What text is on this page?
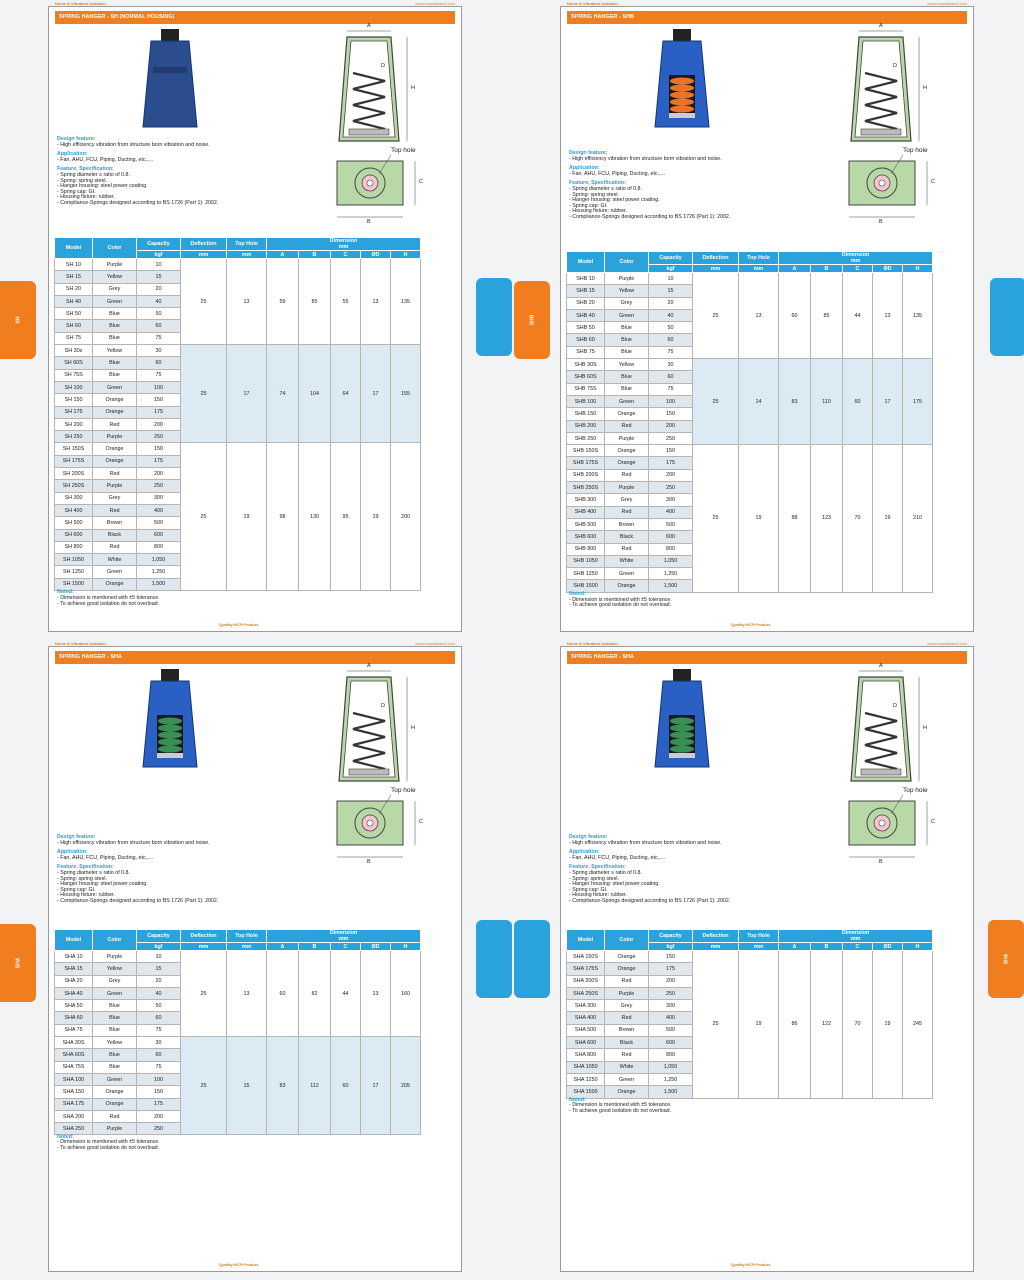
Noise & Vibration Isolation	www.hvaclabtech.com
SPRING HANGER - SH (NORMAL HOUSING)
A
H
D
Top hole
B
C
Design feature:
- High efficiency vibration from structure born vibration and noise.
Application:
- Fan, AHU, FCU, Piping, Ducting, etc.,...
Feature, Specification:
- Spring diameter ≥ ratio of 0.8.
- Spring: spring steel.
- Hanger housing: steel power coating.
- Spring cap: GI.
- Housing fixture: rubber.
- Compliance-Springs designed according to BS 1726 (Part 1): 2002.
Model	Color	Capacity	Deflection	Top Hole	Dimension
mm				

		kgf	mm	mm	A	B	C	ØD	H
SH 10	Purple	10	25	13	59	85	55	13	135
SH 15	Yellow	15							
SH 20	Grey	20							
SH 40	Green	40							
SH 50	Blue	50							
SH 60	Blue	60							
SH 75	Blue	75							
SH 30s	Yellow	30	25	17	74	104	64	17	155
SH 60S	Blue	60							
SH 75S	Blue	75							
SH 100	Green	100							
SH 150	Orange	150							
SH 175	Orange	175							
SH 200	Red	200							
SH 250	Purple	250							
SH 150S	Orange	150	25	19	98	130	95	19	200
SH 175S	Orange	175							
SH 200S	Red	200							
SH 250S	Purple	250							
SH 300	Grey	300							
SH 400	Red	400							
SH 500	Brown	500							
SH 600	Black	600							
SH 800	Red	800							
SH 1050	White	1,050							
SH 1250	Green	1,250							
SH 1500	Orange	1,500							
Noted:
- Dimension is mentioned with ±5 tolerance.
- To achieve good isolation do not overload.
Quality HCP Product
Noise & Vibration Isolation	www.hvaclabtech.com
SPRING HANGER - SHB
A
H
D
Top hole
B
C
Design feature:
- High efficiency vibration from structure born vibration and noise.
Application:
- Fan, AHU, FCU, Piping, Ducting, etc.,...
Feature, Specification:
- Spring diameter ≥ ratio of 0.8.
- Spring: spring steel.
- Hanger housing: steel power coating.
- Spring cap: GI.
- Housing fixture: rubber.
- Compliance-Springs designed according to BS 1726 (Part 1): 2002.
Model	Color	Capacity	Deflection	Top Hole	Dimension
mm				

		kgf	mm	mm	A	B	C	ØD	H
SHB 10	Purple	10	25	13	60	85	44	13	135
SHB 15	Yellow	15							
SHB 20	Grey	20							
SHB 40	Green	40							
SHB 50	Blue	50							
SHB 60	Blue	60							
SHB 75	Blue	75							
SHB 30S	Yellow	30	25	14	83	110	60	17	175
SHB 60S	Blue	60							
SHB 75S	Blue	75							
SHB 100	Green	100							
SHB 150	Orange	150							
SHB 200	Red	200							
SHB 250	Purple	250							
SHB 150S	Orange	150	25	19	88	123	70	19	210
SHB 175S	Orange	175							
SHB 200S	Red	200							
SHB 250S	Purple	250							
SHB 300	Grey	300							
SHB 400	Red	400							
SHB 500	Brown	500							
SHB 600	Black	600							
SHB 800	Red	800							
SHB 1050	White	1,050							
SHB 1250	Green	1,250							
SHB 1500	Orange	1,500							
Noted:
- Dimension is mentioned with ±5 tolerance.
- To achieve good isolation do not overload.
Quality HCP Product
Noise & Vibration Isolation	www.hvaclabtech.com
SPRING HANGER - SHA
A
H
D
Top hole
B
C
Design feature:
- High efficiency vibration from structure born vibration and noise.
Application:
- Fan, AHU, FCU, Piping, Ducting, etc.,...
Feature, Specification:
- Spring diameter ≥ ratio of 0.8.
- Spring: spring steel.
- Hanger housing: steel power coating.
- Spring cap: GI.
- Housing fixture: rubber.
- Compliance-Springs designed according to BS 1726 (Part 1): 2002.
Model	Color	Capacity	Deflection	Top Hole	Dimension
mm				

		kgf	mm	mm	A	B	C	ØD	H
SHA 10	Purple	10	25	13	60	82	44	13	160
SHA 15	Yellow	15							
SHA 20	Grey	20							
SHA 40	Green	40							
SHA 50	Blue	50							
SHA 60	Blue	60							
SHA 75	Blue	75							
SHA 30S	Yellow	30	25	15	83	112	60	17	205
SHA 60S	Blue	60							
SHA 75S	Blue	75							
SHA 100	Green	100							
SHA 150	Orange	150							
SHA 175	Orange	175							
SHA 200	Red	200							
SHA 250	Purple	250							
Noted:
- Dimension is mentioned with ±5 tolerance.
- To achieve good isolation do not overload.
Quality HCP Product
Noise & Vibration Isolation	www.hvaclabtech.com
SPRING HANGER - SHA
A
H
D
Top hole
B
C
Design feature:
- High efficiency vibration from structure born vibration and noise.
Application:
- Fan, AHU, FCU, Piping, Ducting, etc.,...
Feature, Specification:
- Spring diameter ≥ ratio of 0.8.
- Spring: spring steel.
- Hanger housing: steel power coating.
- Spring cap: GI.
- Housing fixture: rubber.
- Compliance-Springs designed according to BS 1726 (Part 1): 2002.
Model	Color	Capacity	Deflection	Top Hole	Dimension
mm				

		kgf	mm	mm	A	B	C	ØD	H
SHA 150S	Orange	150	25	19	86	122	70	19	245
SHA 175S	Orange	175							
SHA 200S	Red	200							
SHA 250S	Purple	250							
SHA 300	Grey	300							
SHA 400	Red	400							
SHA 500	Brown	500							
SHA 600	Black	600							
SHA 800	Red	800							
SHA 1050	White	1,050							
SHA 1250	Green	1,250							
SHA 1500	Orange	1,500							
Noted:
- Dimension is mentioned with ±5 tolerance.
- To achieve good isolation do not overload.
Quality HCP Product
SH	SHB
SHA	SHA
